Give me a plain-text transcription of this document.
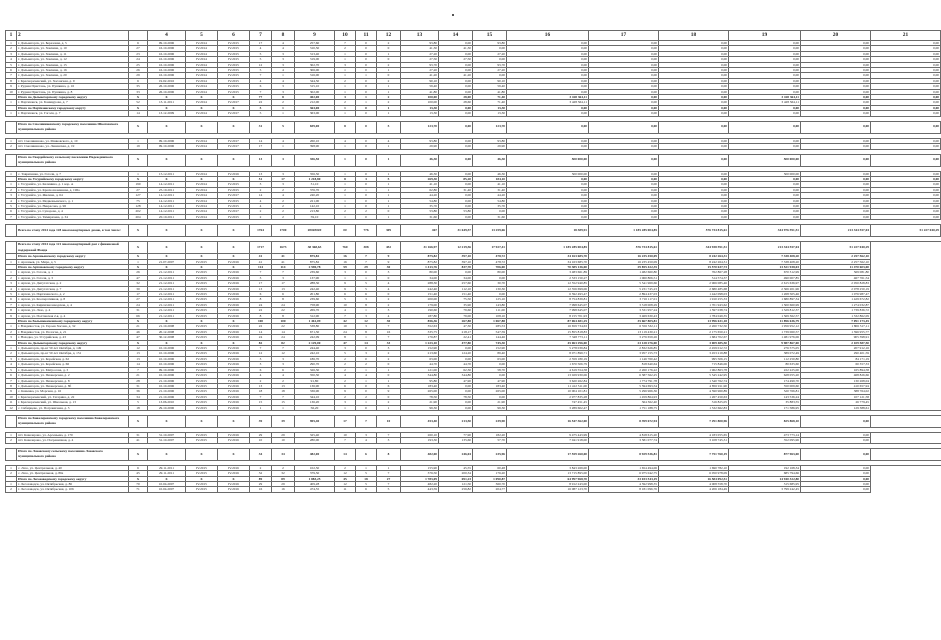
1	2		4	5	6	7	8	9	10	11	12	13	14	15	16	17	18	19	20	21
1	г. Дальнегорск, ул. Березовая, д. 5	6	09.10.2006	IV.2014	IV.2015	17	4	257,60	7	0	2	93,80	0,00	93,80	0,00	0,00	0,00	0,00	0,00	0,00
2	г. Дальнегорск, ул. Хамзина, д. 10	27	16.10.2006	IV.2014	IV.2015	4	4	310,50	2	0	0	41,30	41,30	0,00	0,00	0,00	0,00	0,00	0,00	0,00
3	г. Дальнегорск, ул. Хамзина, д. 11	23	16.10.2006	IV.2014	IV.2015	5	3	313,40	1	0	1	27,20	0,00	27,20	0,00	0,00	0,00	0,00	0,00	0,00
4	г. Дальнегорск, ул. Хамзина, д. 12	24	16.10.2006	IV.2014	IV.2015	5	3	319,00	1	0	0	27,50	27,50	0,00	0,00	0,00	0,00	0,00	0,00	0,00
5	г. Дальнегорск, ул. Хамзина, д. 15	25	16.10.2006	IV.2014	IV.2015	12	3	302,70	3	0	2	93,70	0,00	93,70	0,00	0,00	0,00	0,00	0,00	0,00
6	г. Дальнегорск, ул. Хамзина, д. 16	26	16.10.2006	IV.2014	IV.2015	5	4	306,00	1	0	1	27,20	0,00	27,20	0,00	0,00	0,00	0,00	0,00	0,00
7	г. Дальнегорск, ул. Хамзина, д. 20	29	16.10.2006	IV.2014	IV.2015	7	1	316,00	1	1	0	41,20	41,20	0,00	0,00	0,00	0,00	0,00	0,00	0,00
8	г. Краснореченский, ул. Хасанская, д. 9	6	19.02.2016	IV.2014	IV.2015	4	4	344,50	2	0	2	90,10	0,00	90,10	0,00	0,00	0,00	0,00	0,00	0,00
9	г. Рудная Пристань, ул. Пушкина, д. 16	35	26.10.2006	IV.2014	IV.2015	6	3	315,10	1	0	1	59,40	0,00	59,40	0,00	0,00	0,00	0,00	0,00	0,00
10	г. Рудная Пристань, ул. Пушкина, д. 8	33	26.10.2006	IV.2014	IV.2015	7	3	302,00	1	0	1	41,80	0,00	41,80	0,00	0,00	0,00	0,00	0,00	0,00
	Итого по Дальнегорскому городскому округу	X	X	X	X	77	8	402,00	3	1	2	100,00	28,00	71,40	3 428 364,11	0,00	0,00	3 428 364,11	0,00	0,00
1	г. Партизанск, ул. Бонивурова, д. 7	52	13.11.2011	IV.2014	IV.2017	22	2	212,00	2	1	2	100,00	28,60	71,40	3 428 364,11	0,00	0,00	3 428 364,11	0,00	0,00
	Итого по Партизанскому городскому округу	X	X	X	X	5	1	363,00	1	0	1	13,30	0,00	13,30	0,00	0,00	0,00	0,00	0,00	0,00
1	г. Партизанск, ул. Гоголя, д. 7	14	13.12.2009	IV.2014	IV.2017	5	1	363,00	1	0	1	13,30	0,00	13,30	0,00	0,00	0,00	0,00	0,00	0,00

	Итого по Смоляниновскому городскому поселению Шкотовского муниципального района	X	X	X	X	31	5	659,00	8	0	5	123,70	0,00	123,70	0,00	0,00	0,00	0,00	0,00	0,00

1	пгт. Смоляниново, ул. Маяковского, д. 10	1	09.10.2006	IV.2014	IV.2017	14	4	260,10	4	0	4	93,80	0,00	93,80	0,00	0,00	0,00	0,00	0,00	0,00
2	пгт. Смоляниново, ул. Ленинская, д. 19	19	09.10.2006	IV.2014	IV.2017	17	1	398,90	1	0	1	29,90	0,00	29,90	0,00	0,00	0,00	0,00	0,00	0,00

	Итого по Гвардейскому сельскому поселению Надеждинского муниципального района	X	X	X	X	13	3	356,50	1	0	1	46,30	0,00	46,30	500 000,00	0,00	0,00	500 000,00	0,00	0,00

1	с. Тавричанка, ул. Гоголя, д. 7	1	15.12.2011	IV.2014	IV.2016	13	3	356,50	1	0	1	46,30	0,00	46,30	500 000,00	0,00	0,00	500 000,00	0,00	0,00
	Итого по Уссурийскому городскому округу	X	X	X	X	51	17	1 218,80	8	3	5	269,30	85,20	184,10	0,00	0,00	0,00	0,00	0,00	0,00
1	г. Уссурийск, ул. Калинина, д. 1 кор. А	190	14.12.2011	IV.2014	IV.2015	3	3	31,10	1	0	1	41,10	0,00	41,10	0,00	0,00	0,00	0,00	0,00	0,00
2	г. Уссурийск, ул. Краснознаменная, д. 196а	27	25.10.2011	IV.2014	IV.2015	2	2	376,70	2	1	1	62,80	31,40	31,40	0,00	0,00	0,00	0,00	0,00	0,00
3	г. Уссурийск, ул. Жилина, д. 64	127	14.12.2011	IV.2014	IV.2017	14	4	240,20	1	0	1	44,20	0,00	44,20	0,00	0,00	0,00	0,00	0,00	0,00
4	г. Уссурийск, ул. Медвежьевского, д. 1	75	14.12.2011	IV.2014	IV.2015	4	2	221,00	1	0	1	54,80	0,00	54,80	0,00	0,00	0,00	0,00	0,00	0,00
5	г. Уссурийск, ул. Некрасова, д. 96	128	14.12.2011	IV.2014	IV.2015	4	2	142,10	1	0	1	35,70	0,00	35,70	0,00	0,00	0,00	0,00	0,00	0,00
6	г. Уссурийск, ул. Суворова, д. 4	202	14.12.2011	IV.2014	IV.2017	2	2	213,80	2	2	0	53,80	53,80	0,00	0,00	0,00	0,00	0,00	0,00	0,00
7	г. Уссурийск, ул. Тимирязева, д. 34	204	20.10.2011	IV.2014	IV.2015	2	2	59,10	1	0	1	31,60	0,00	31,60	0,00	0,00	0,00	0,00	0,00	0,00

	Всего по этапу 2014 года 128 многоквартирных домов, в том числе:	X	X	X	X	1764	1700	########	##	776	309	467	31 649,57	13 259,66	18 389,91	1 185 285 004,85	576 734 815,61	344 976 591,51	213 344 557,04	51 227 040,29

	Всего по этапу 2014 года 121 многоквартирный дом с финансовой поддержкой Фонда	X	X	X	X	1717	1673	38 368,63	760	308	452	31 166,97	12 219,56	17 927,41	1 185 285 004,85	576 734 815,61	344 938 591,51	213 344 557,04	51 227 040,29	
	Итого по Арсеньевскому городскому округу	X	X	X	X	41	41	875,82	16	7	9	875,82	397,10	478,72	34 163 685,70	16 235 450,09	8 242 264,31	7 338 408,20	2 257 562,10	
1	г. Арсеньев, ул. Мира, д. 5	1	21.07.2007	IV.2015	IV.2016	41	41	875,82	16	7	9	875,82	397,10	478,72	34 163 685,70	16 235 450,09	8 242 264,31	7 338 408,20	2 257 562,10	
	Итого по Артемовскому городскому округу	X	X	X	X	114	114	2 590,78	59	29	30	1 413,76	837,70	706,00	70 385 136,00	29 855 422,35	15 570 637,73	13 521 938,03	11 470 603,00	
1	г. Артем, ул. Гоголя, д. 1	26	21.12.2011	IV.2015	IV.2016	7	7	239,60	3	0	3	80,00	0,00	80,00	3 483 661,89	1 482 660,80	762 867,28	670 312,99	569 081,80	
2	г. Артем, ул. Гоголя, д. 3	47	21.12.2011	IV.2015	IV.2016	3	3	137,90	1	1	0	34,00	34,00	0,00	2 533 150,27	1 060 806,51	514 574,37	490 007,85	467 761,54	
3	г. Артем, ул. Депутатская, д. 2	32	21.12.2011	IV.2015	IV.2016	17	17	288,30	9	5	4	288,30	257,60	30,70	12 552 940,85	5 541 969,66	2 966 085,46	2 615 636,97	2 050 828,83	
4	г. Артем, ул. Депутатская, д. 7	30	21.12.2011	IV.2015	IV.2016	13	13	242,40	9	5	4	242,40	112,10	130,30	12 356 699,06	5 231 745,23	2 680 485,68	2 366 201,96	2 078 250,19	
5	г. Артем, ул. Партизанского, д. 2	17	21.12.2011	IV.2015	IV.2016	6	6	201,80	6	6	0	151,40	151,40	0,00	6 592 493,47	2 894 437,03	1 442 098,03	1 268 505,46	1 076 987,47	
6	г. Артем, ул. Кооперативная, д. 8	27	21.12.2011	IV.2015	IV.2016	8	8	239,60	5	3	2	200,00	75,50	125,10	8 754 839,81	3 716 117,01	1 910 255,33	1 680 897,34	1 429 672,82	
7	г. Артем, ул. Кирпичнозаводская, д. 4	24	21.12.2011	IV.2015	IV.2016	24	24	758,90	10	8	2	179,00	35,90	143,80	7 998 645,07	3 318 008,29	1 701 943,62	1 500 660,99	1 274 032,87	
8	г. Артем, ул. Лазо, д. 4	31	21.12.2011	IV.2015	IV.2016	22	22	269,70	4	1	3	190,60	79,60	111,00	7 998 645,07	3 331 957,24	1 597 038,74	1 329 812,37	1 739 836,72	
9	г. Артем, ул. Полтавская 2-я, д. 4	66	21.12.2011	IV.2015	IV.2016	8	8	312,90	7	3	4	187,80	79,00	108,10	8 155 701,93	3 469 630,43	1 784 049,35	1 569 362,57	1 332 862,09	
	Итого по Большекаменскому городскому округу	X	X	X	X	100	100	1 461,09	42	12	30	856,36	267,88	1 067,88	87 064 481,25	35 667 805,81	13 996 631,18	11 896 636,79	7 091 173,45	
1	г. Владивосток, ул. Героев Хасана, д. 32	21	21.10.2008	IV.2015	IV.2016	22	22	538,80	10	3	7	352,63	47,30	285,53	16 659 734,63	6 556 532,11	2 260 732,50	1 956 952,12	1 806 317,11	
2	г. Владивосток, ул. Пологая, д. 21	46	20.12.2008	IV.2015	IV.2016	14	14	671,30	24	8	16	335,75	218,17	547,59	15 855 818,83	13 119 430,21	2 175 650,21	1 739 060,57	1 396 955,77	
3	г. Находка, ул. Уссурийская, д. 43	47	30.12.2008	IV.2015	IV.2016	24	24	242,09	8	1	7	176,87	22,41	144,46	7 348 773,11	3 276 659,26	1 684 702,67	1 481 976,06	905 398,91	
	Итого по Дальнегорскому городскому округу	X	X	X	X	82	82	2 129,00	47	14	33	1 223,10	477,80	745,30	45 063 296,00	23 128 276,00	3 009 485,50	9 987 867,00	2 109 587,50	
1	г. Дальнегорск, пр-кт 50 лет Октября, д. 149	12	10.10.2006	IV.2015	IV.2016	7	7	244,40	3	0	3	152,90	0,00	152,90	5 278 039,84	2 832 626,85	2 459 012,72	276 575,05	207 912,16	
2	г. Дальнегорск, пр-кт 50 лет Октября, д. 151	13	10.10.2006	IV.2015	IV.2016	12	12	242,10	5	3	2	213,60	124,20	89,40	8 071 899,71	3 957 155,73	3 453 219,88	389 072,49	290 401,59	
3	г. Дальнегорск, ул. Корейская, д. 62	13	10.10.2006	IV.2015	IV.2016	3	3	186,70	2	0	2	63,00	0,00	63,00	2 359 180,19	1 146 760,42	995 506,15	112 250,80	84 171,19	
4	г. Дальнегорск, ул. Корейская, д. 66	14	10.10.2006	IV.2015	IV.2016	3	3	290,70	2	2	0	44,70	44,70	0,00	1 670 506,79	818 640,64	715 846,06	80 635,60	60 357,33	
5	г. Дальнегорск, ул. Матросова, д. 3	7	09.10.2006	IV.2015	IV.2016	6	6	326,30	2	1	1	121,00	62,30	58,70	4 619 554,58	2 260 176,22	1 962 863,78	222 225,00	165 894,58	
6	г. Дальнегорск, ул. Пионерская, д. 2	21	10.10.2006	IV.2015	IV.2016	4	4	350,30	4	4	0	344,80	344,80	0,00	13 029 930,06	6 387 562,25	5 545 242,95	628 055,20	468 826,66	
7	г. Дальнегорск, ул. Пионерская, д. 8	28	21.10.2006	IV.2015	IV.2016	2	2	91,80	2	1	1	95,80	47,90	47,90	3 620 262,84	1 774 791,78	1 540 762,74	174 499,70	130 268,04	
8	г. Дальнегорск, ул. Пионерская, д. 8б	31	10.10.2006	IV.2015	IV.2016	13	13	136,90	6	0	6	183,40	0,00	183,40	11 412 511,00	5 594 693,54	4 856 911,90	550 009,60	410 657,94	
9	с. Каменка, ул. Морская, д. 16	36	21.10.2006	IV.2015	IV.2016	18	18	336,90	9	0	9	265,00	0,00	265,00	10 004 101,81	5 296 966,36	4 590 960,89	520 766,81	388 764,02	
10	г. Краснореченский, ул. Гагарина, д. 22	34	21.10.2006	IV.2015	IV.2016	7	7	344,10	2	2	0	78,50	78,50	0,00	2 977 835,28	1 459 864,93	1 267 450,63	143 536,24	107 121,58	
11	г. Краснореченский, ул. Школьная, д. 13	5	13.06.2010	IV.2015	IV.2016	15	15	136,20	3	1	2	21,90	0,00	21,90	747 451,45	364 362,40	316 825,05	35 883,55	26 779,45	
12	с. Сибирцево, ул. Пограничная, д. 3	18	29.10.2006	IV.2015	IV.2016	1	1	56,20	1	0	1	99,30	0,00	99,30	3 289 602,47	1 751 188,75	1 532 662,83	171 586,95	129 388,61	

	Итого по Кавалеровскому городскому поселению Кавалеровского муниципального района	X	X	X	X	39	39	905,40	17	7	10	453,40	213,50	239,90	16 547 362,00	8 399 672,94	7 291 800,96	825 868,10	0,00	

1	пгт. Кавалерово, ул. Арсеньева, д. 170	31	31.10.2007	IV.2015	IV.2016	29	29	325,40	10	3	7	260,10	77,90	182,20	9 475 443,99	4 818 615,20	4 183 055,65	473 773,14	0,00	
2	пгт. Кавалерово, ул. Пограничная, д. 4	41	31.10.2007	IV.2015	IV.2016	10	10	280,00	7	4	3	193,30	135,60	57,70	7 041 918,00	3 581 077,74	3 108 745,31	352 095,96	0,00	

	Итого по Лазовскому сельскому поселению Лазовского муниципального района	X	X	X	X	34	34	482,00	14	6	8	482,00	246,04	235,96	17 559 260,00	8 929 536,81	7 751 760,19	877 963,00	0,00	

1	с. Лазо, ул. Центральная, д. 40	6	29.11.2011	IV.2015	IV.2016	2	2	102,50	2	1	1	155,90	45,55	60,48	3 843 269,00	1 654 494,06	1 690 782,10	192 168,34	0,00	
2	с. Лазо, ул. Центральная, д. 86а	45	29.11.2011	IV.2015	IV.2016	32	32	379,50	12	5	7	376,50	200,34	176,20	13 715 895,00	6 975 042,75	6 050 978,09	685 794,66	0,00	
	Итого по Лесозаводскому городскому округу	X	X	X	X	89	89	1 883,25	45	18	27	1 783,09	691,23	1 090,87	64 997 968,70	33 033 543,19	16 584 092,51	14 940 322,80	0,00	
1	г. Лесозаводск, ул. Октябрьская, д. 86	70	10.04.2007	IV.2015	IV.2016	29	29	409,28	12	5	7	482,20	121,50	360,70	8 912 243,00	4 592 998,35	4 008 558,70	315 685,95	0,00	
2	г. Лесозаводск, ул. Октябрьская, д. 106	71	10.04.2007	IV.2015	IV.2016	16	16	474,55	11	6	5	443,59	256,82	204,77	16 087 123,70	8 181 096,76	4 206 184,49	3 799 242,45	0,00	
